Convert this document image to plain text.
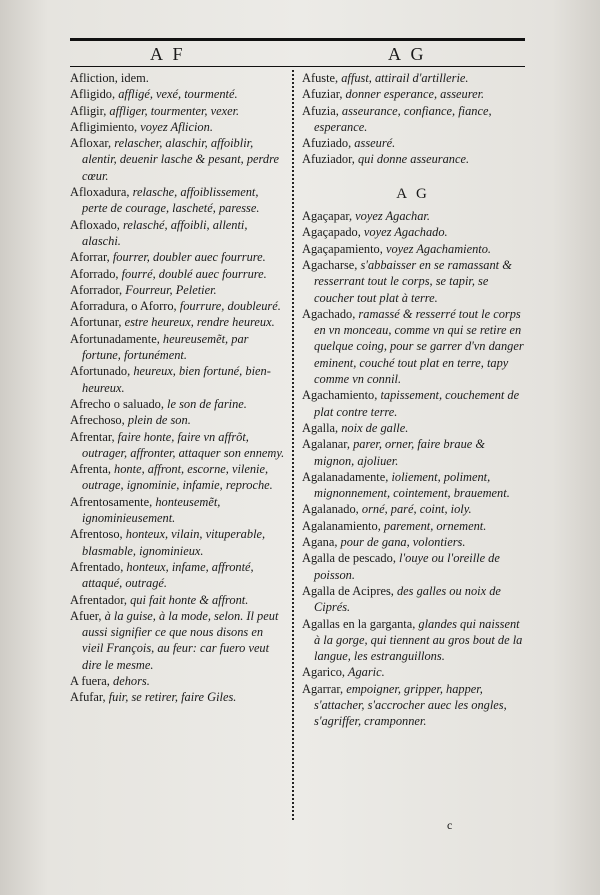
A F	A G

Afliction, idem.

Afligido, affligé, vexé, tourmenté.

Afligir, affliger, tourmenter, vexer.

Afligimiento, voyez Aflicion.

Afloxar, relascher, alaschir, affoiblir, alentir, deuenir lasche & pesant, perdre cœur.

Afloxadura, relasche, affoiblissement, perte de courage, lascheté, paresse.

Afloxado, relasché, affoibli, allenti, alaschi.

Aforrar, fourrer, doubler auec fourrure.

Aforrado, fourré, doublé auec fourrure.

Aforrador, Fourreur, Peletier.

Aforradura, o Aforro, fourrure, doubleuré.

Afortunar, estre heureux, rendre heureux.

Afortunadamente, heureusemẽt, par fortune, fortunément.

Afortunado, heureux, bien fortuné, bien-heureux.

Afrecho o saluado, le son de farine.

Afrechoso, plein de son.

Afrentar, faire honte, faire vn affrõt, outrager, affronter, attaquer son ennemy.

Afrenta, honte, affront, escorne, vilenie, outrage, ignominie, infamie, reproche.

Afrentosamente, honteusemẽt, ignominieusement.

Afrentoso, honteux, vilain, vituperable, blasmable, ignominieux.

Afrentado, honteux, infame, affronté, attaqué, outragé.

Afrentador, qui fait honte & affront.

Afuer, à la guise, à la mode, selon. Il peut aussi signifier ce que nous disons en vieil François, au feur: car fuero veut dire le mesme.

A fuera, dehors.

Afufar, fuir, se retirer, faire Giles.

Afuste, affust, attirail d'artillerie.

Afuziar, donner esperance, asseurer.

Afuzia, asseurance, confiance, fiance, esperance.

Afuziado, asseuré.

Afuziador, qui donne asseurance.

A G

Agaçapar, voyez Agachar.

Agaçapado, voyez Agachado.

Agaçapamiento, voyez Agachamiento.

Agacharse, s'abbaisser en se ramassant & resserrant tout le corps, se tapir, se coucher tout plat à terre.

Agachado, ramassé & resserré tout le corps en vn monceau, comme vn qui se retire en quelque coing, pour se garrer d'vn danger eminent, couché tout plat en terre, tapy comme vn connil.

Agachamiento, tapissement, couchement de plat contre terre.

Agalla, noix de galle.

Agalanar, parer, orner, faire braue & mignon, ajoliuer.

Agalanadamente, ioliement, poliment, mignonnement, cointement, brauement.

Agalanado, orné, paré, coint, ioly.

Agalanamiento, parement, ornement.

Agana, pour de gana, volontiers.

Agalla de pescado, l'ouye ou l'oreille de poisson.

Agalla de Acipres, des galles ou noix de Ciprés.

Agallas en la garganta, glandes qui naissent à la gorge, qui tiennent au gros bout de la langue, les estranguillons.

Agarico, Agaric.

Agarrar, empoigner, gripper, happer, s'attacher, s'accrocher auec les ongles, s'agriffer, cramponner.

c
